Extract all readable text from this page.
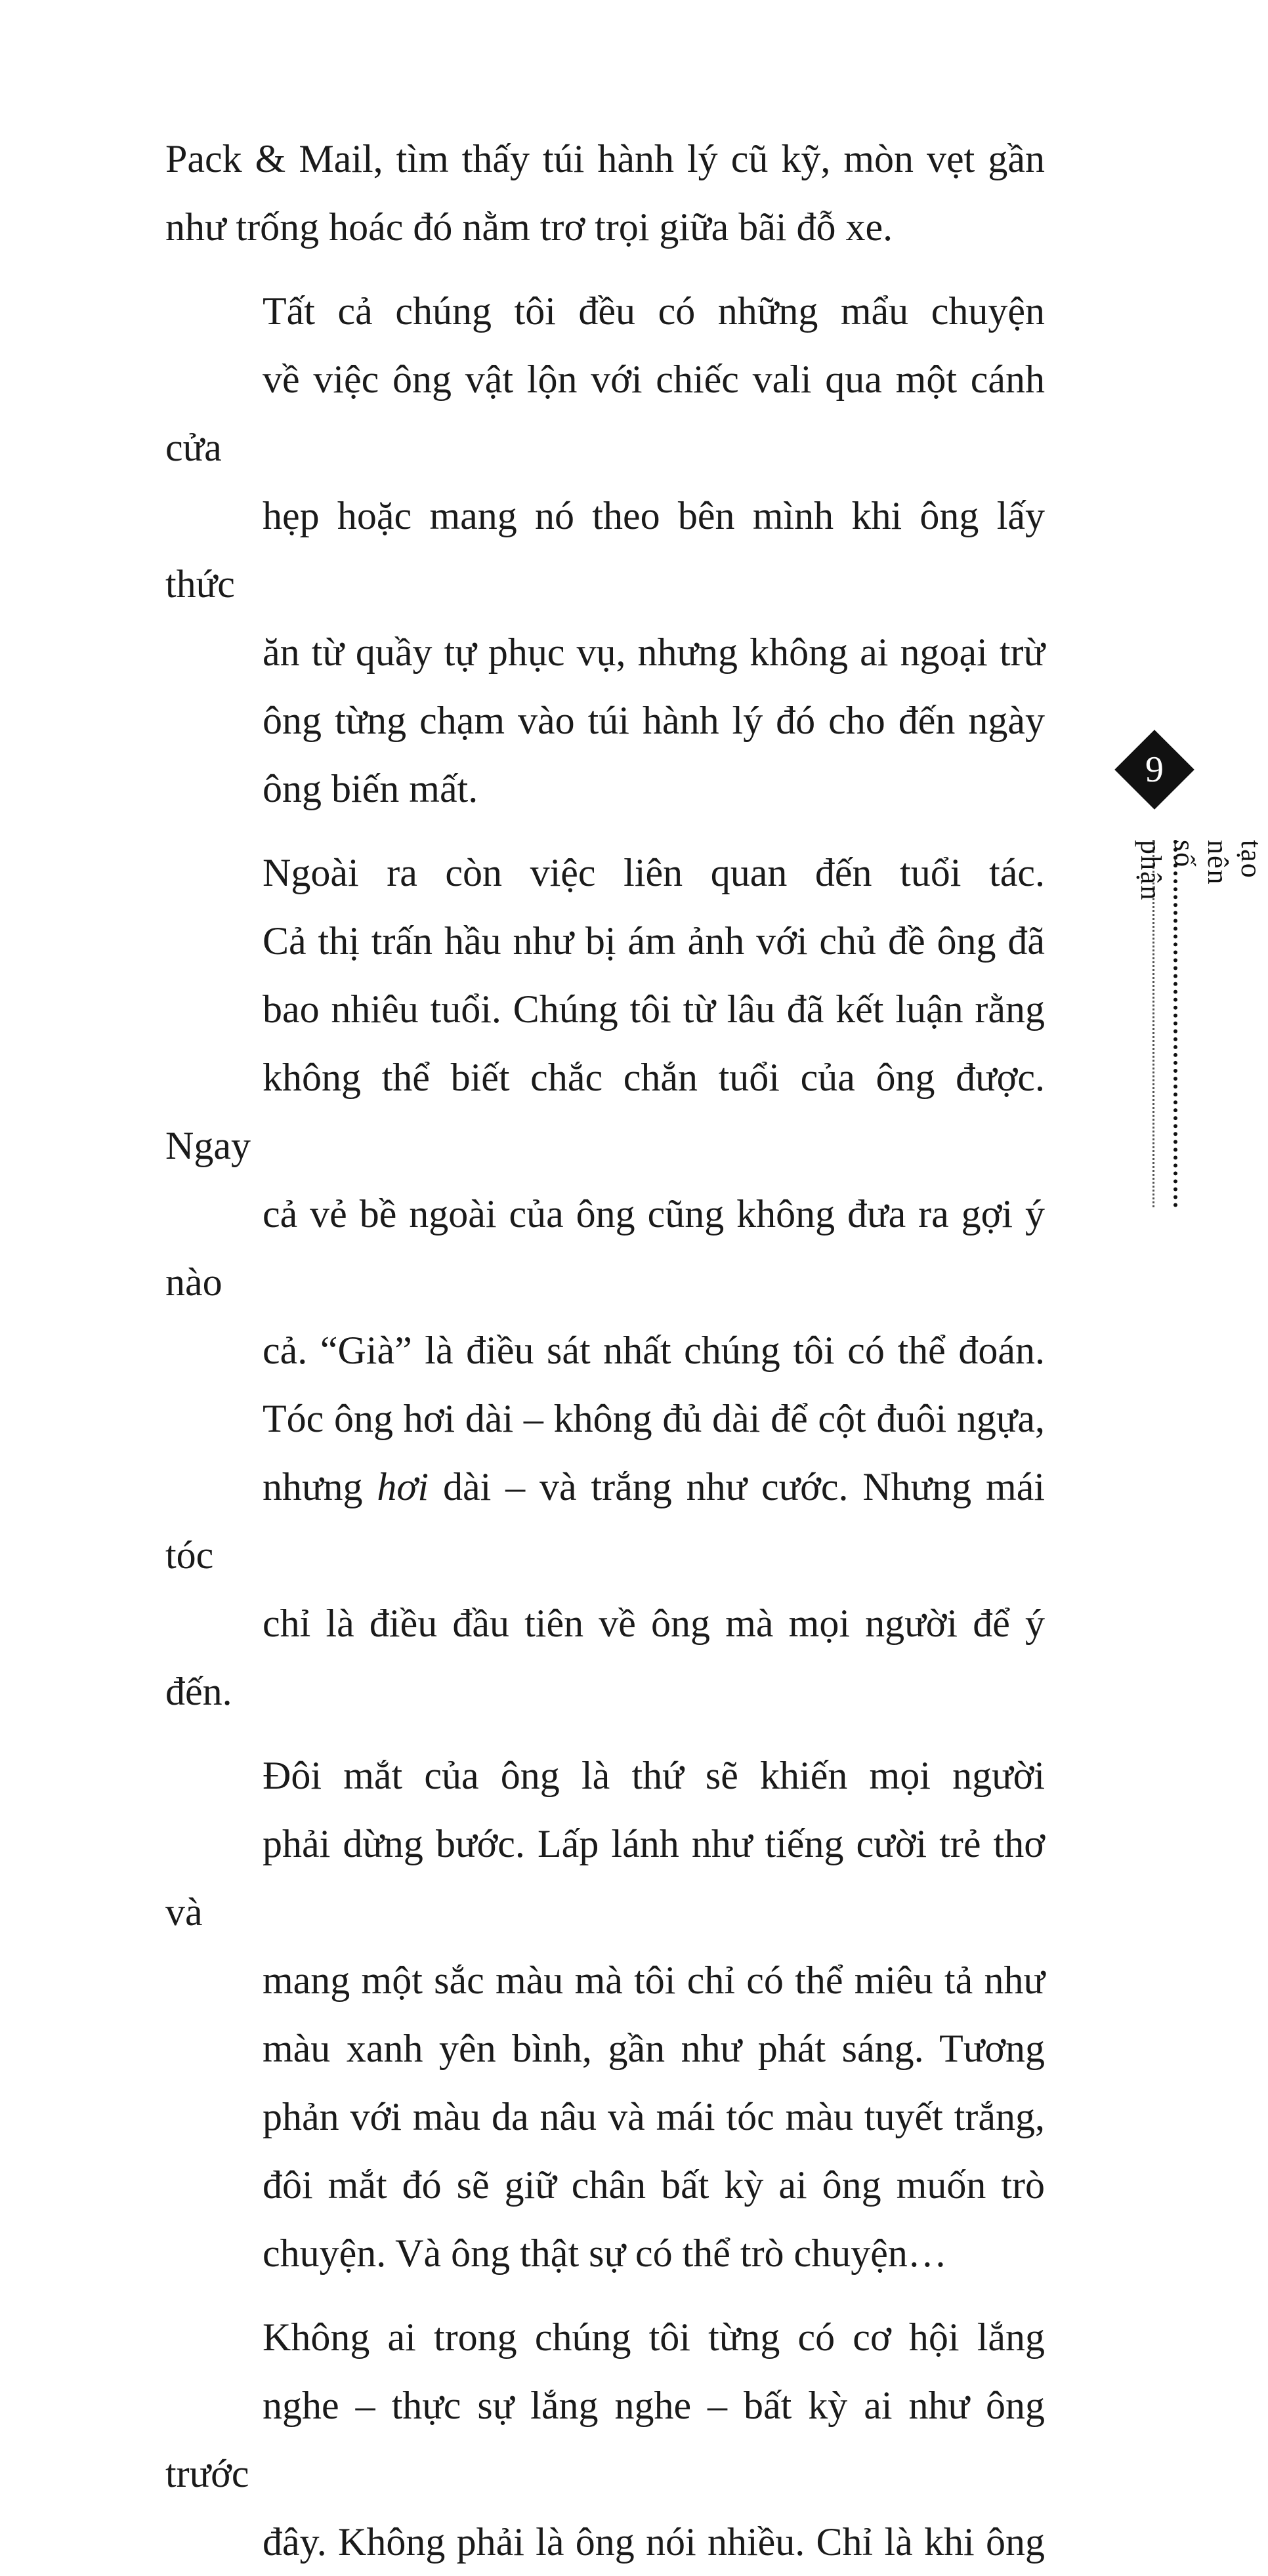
Pack & Mail, tìm thấy túi hành lý cũ kỹ, mòn vẹt gần
như trống hoác đó nằm trơ trọi giữa bãi đỗ xe.

Tất cả chúng tôi đều có những mẩu chuyện
về việc ông vật lộn với chiếc vali qua một cánh cửa
hẹp hoặc mang nó theo bên mình khi ông lấy thức
ăn từ quầy tự phục vụ, nhưng không ai ngoại trừ
ông từng chạm vào túi hành lý đó cho đến ngày
ông biến mất.

Ngoài ra còn việc liên quan đến tuổi tác.
Cả thị trấn hầu như bị ám ảnh với chủ đề ông đã
bao nhiêu tuổi. Chúng tôi từ lâu đã kết luận rằng
không thể biết chắc chắn tuổi của ông được. Ngay
cả vẻ bề ngoài của ông cũng không đưa ra gợi ý nào
cả. “Già” là điều sát nhất chúng tôi có thể đoán.
Tóc ông hơi dài – không đủ dài để cột đuôi ngựa,
nhưng hơi dài – và trắng như cước. Nhưng mái tóc
chỉ là điều đầu tiên về ông mà mọi người để ý đến.

Đôi mắt của ông là thứ sẽ khiến mọi người
phải dừng bước. Lấp lánh như tiếng cười trẻ thơ và
mang một sắc màu mà tôi chỉ có thể miêu tả như
màu xanh yên bình, gần như phát sáng. Tương
phản với màu da nâu và mái tóc màu tuyết trắng,
đôi mắt đó sẽ giữ chân bất kỳ ai ông muốn trò
chuyện. Và ông thật sự có thể trò chuyện…

Không ai trong chúng tôi từng có cơ hội lắng
nghe – thực sự lắng nghe – bất kỳ ai như ông trước
đây. Không phải là ông nói nhiều. Chỉ là khi ông

9
tạo nên số phận
